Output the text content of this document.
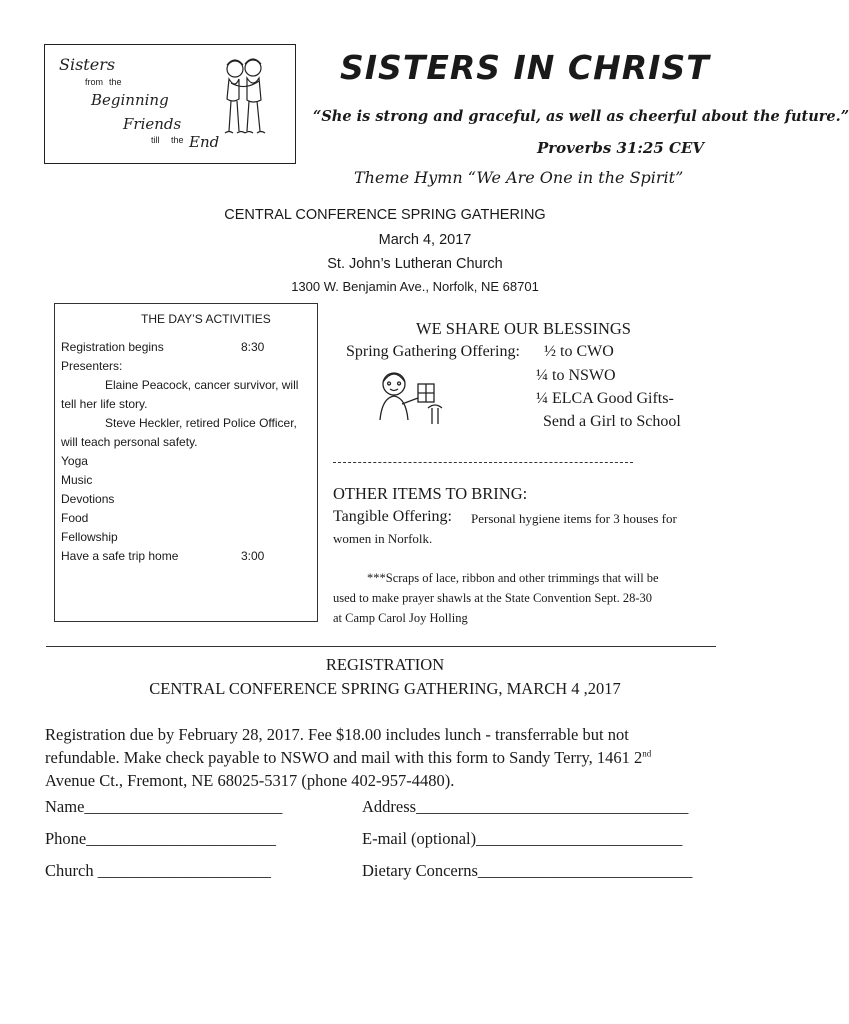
Sisters
from the
Beginning
Friends
till the End
SISTERS IN CHRIST
“She is strong and graceful, as well as cheerful about the future.”
Proverbs 31:25 CEV
Theme Hymn “We Are One in the Spirit”
CENTRAL CONFERENCE SPRING GATHERING
March 4, 2017
St. John’s Lutheran Church
1300 W. Benjamin Ave., Norfolk, NE 68701
THE DAY’S ACTIVITIES
Registration begins	8:30
Presenters:
Elaine Peacock, cancer survivor, will
tell her life story.
Steve Heckler, retired Police Officer,
will teach personal safety.
Yoga
Music
Devotions
Food
Fellowship
Have a safe trip home	3:00
WE SHARE OUR BLESSINGS
Spring Gathering Offering: ½ to CWO
¼ to NSWO
¼ ELCA Good Gifts-
Send a Girl to School
OTHER ITEMS TO BRING:
Tangible Offering: Personal hygiene items for 3 houses for
women in Norfolk.
***Scraps of lace, ribbon and other trimmings that will be
used to make prayer shawls at the State Convention Sept. 28-30
at Camp Carol Joy Holling
REGISTRATION
CENTRAL CONFERENCE SPRING GATHERING, MARCH 4 ,2017
Registration due by February 28, 2017. Fee $18.00 includes lunch - transferrable but not
refundable. Make check payable to NSWO and mail with this form to Sandy Terry, 1461 2nd
Avenue Ct., Fremont, NE 68025-5317 (phone 402-957-4480).
Name________________________	Address_________________________________
Phone_______________________	E-mail (optional)_________________________
Church _____________________	Dietary Concerns__________________________
